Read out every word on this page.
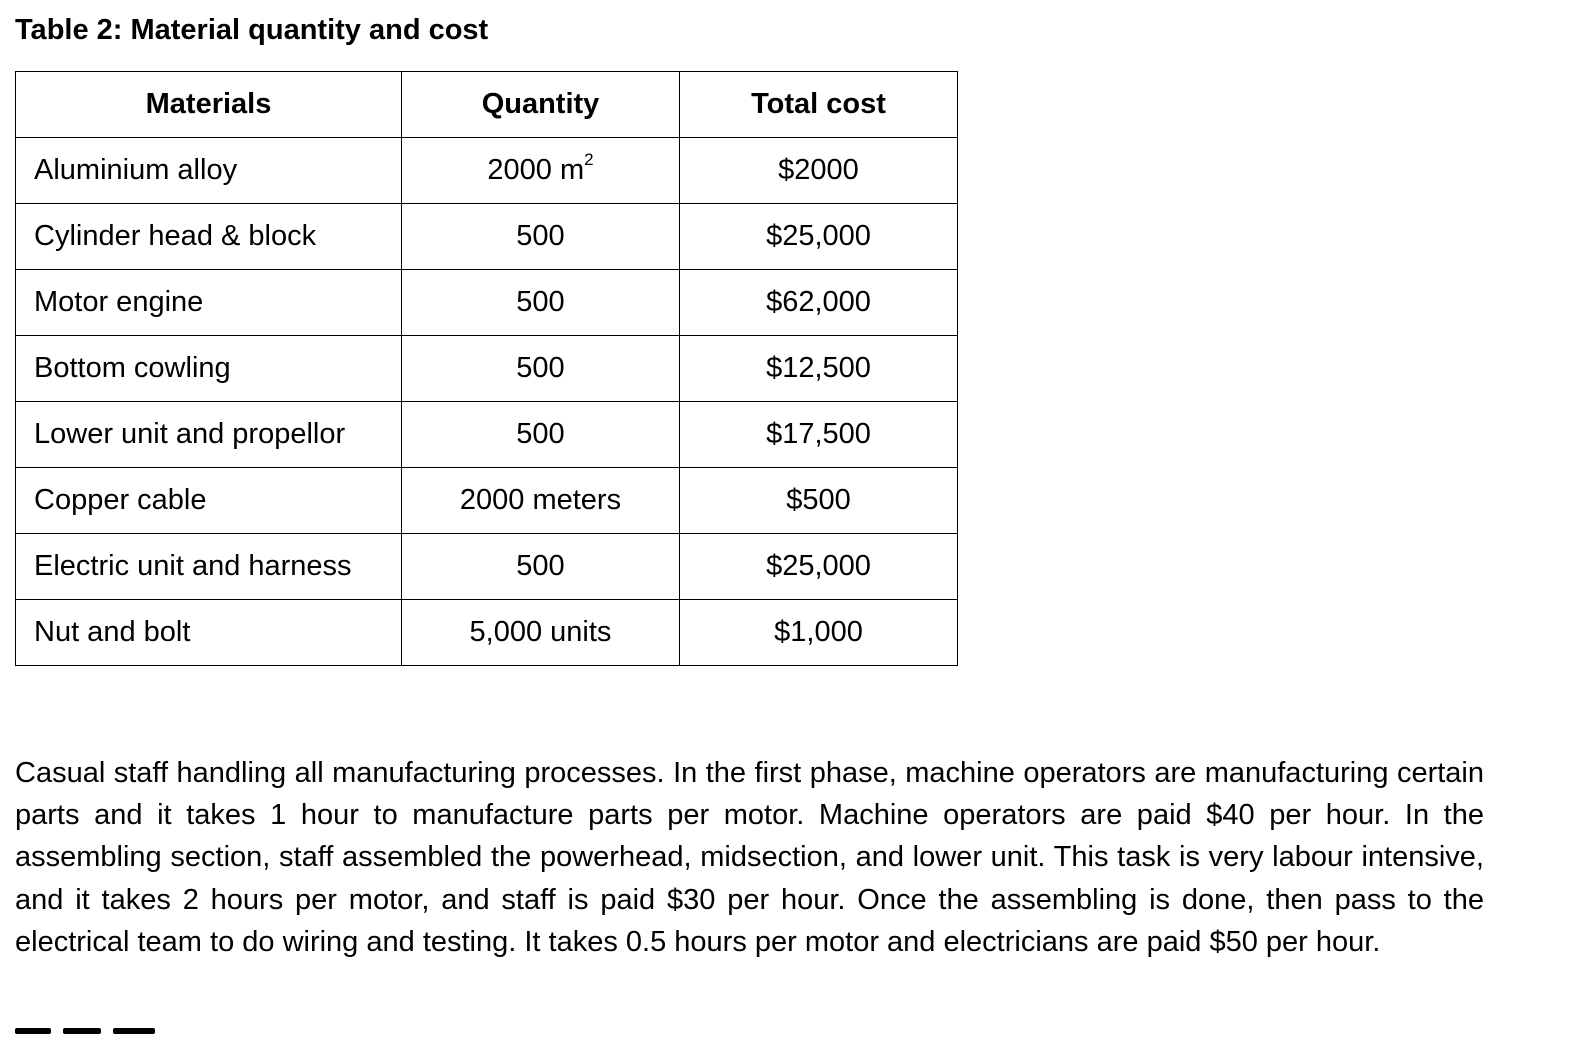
Table 2: Material quantity and cost
Materials	Quantity	Total cost
Aluminium alloy	2000 $m^2$	$2000
Cylinder head & block	500	$25,000
Motor engine	500	$62,000
Bottom cowling	500	$12,500
Lower unit and propellor	500	$17,500
Copper cable	2000 meters	$500
Electric unit and harness	500	$25,000
Nut and bolt	5,000 units	$1,000

Casual staff handling all manufacturing processes. In the first phase, machine operators are manufacturing certain parts and it takes 1 hour to manufacture parts per motor. Machine operators are paid $40 per hour. In the assembling section, staff assembled the powerhead, midsection, and lower unit. This task is very labour intensive, and it takes 2 hours per motor, and staff is paid $30 per hour. Once the assembling is done, then pass to the electrical team to do wiring and testing. It takes 0.5 hours per motor and electricians are paid $50 per hour.
